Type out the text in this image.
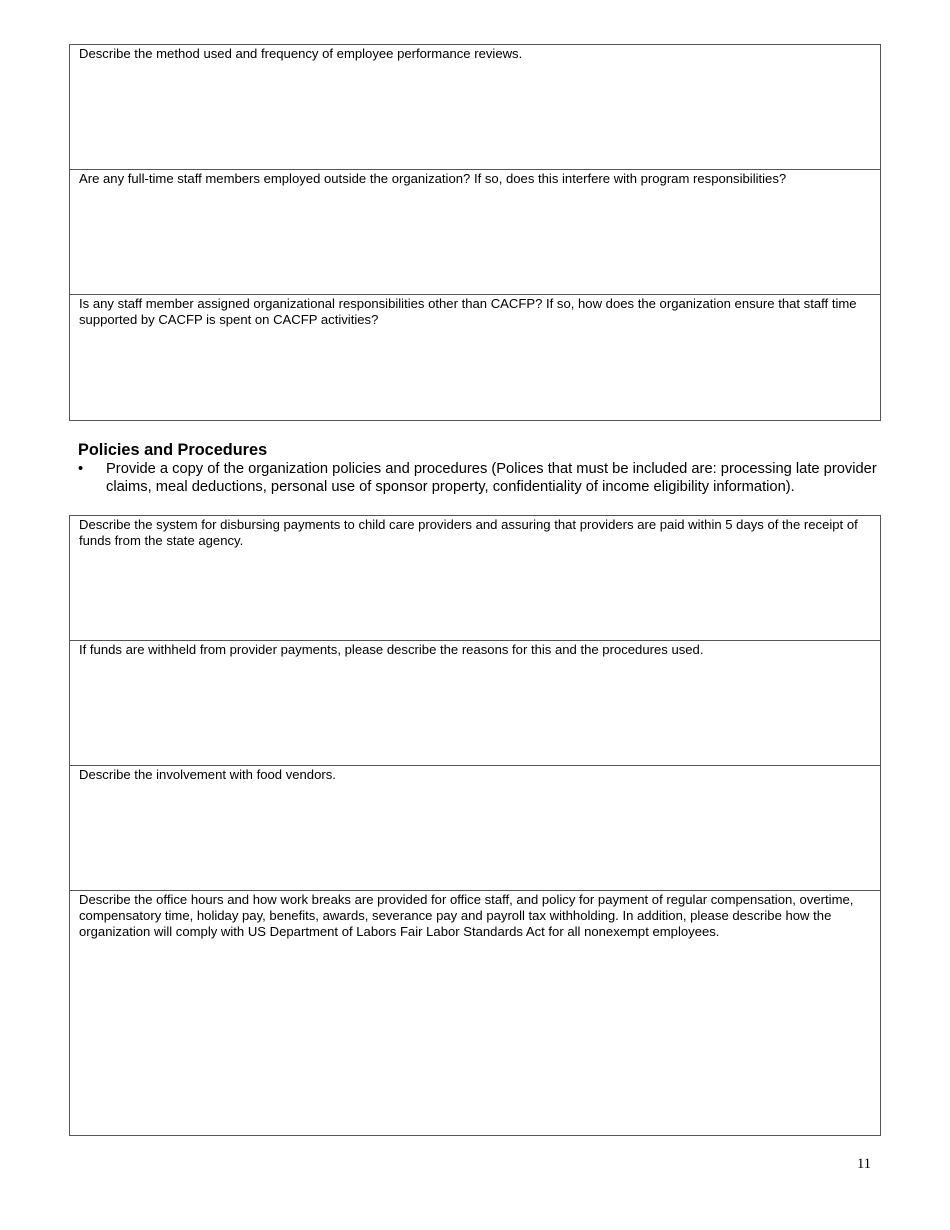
Describe the method used and frequency of employee performance reviews.
Are any full-time staff members employed outside the organization? If so, does this interfere with program responsibilities?
Is any staff member assigned organizational responsibilities other than CACFP? If so, how does the organization ensure that staff time supported by CACFP is spent on CACFP activities?
Policies and Procedures
• Provide a copy of the organization policies and procedures (Polices that must be included are: processing late provider claims, meal deductions, personal use of sponsor property, confidentiality of income eligibility information).
Describe the system for disbursing payments to child care providers and assuring that providers are paid within 5 days of the receipt of funds from the state agency.
If funds are withheld from provider payments, please describe the reasons for this and the procedures used.
Describe the involvement with food vendors.
Describe the office hours and how work breaks are provided for office staff, and policy for payment of regular compensation, overtime, compensatory time, holiday pay, benefits, awards, severance pay and payroll tax withholding. In addition, please describe how the organization will comply with US Department of Labors Fair Labor Standards Act for all nonexempt employees.
11
